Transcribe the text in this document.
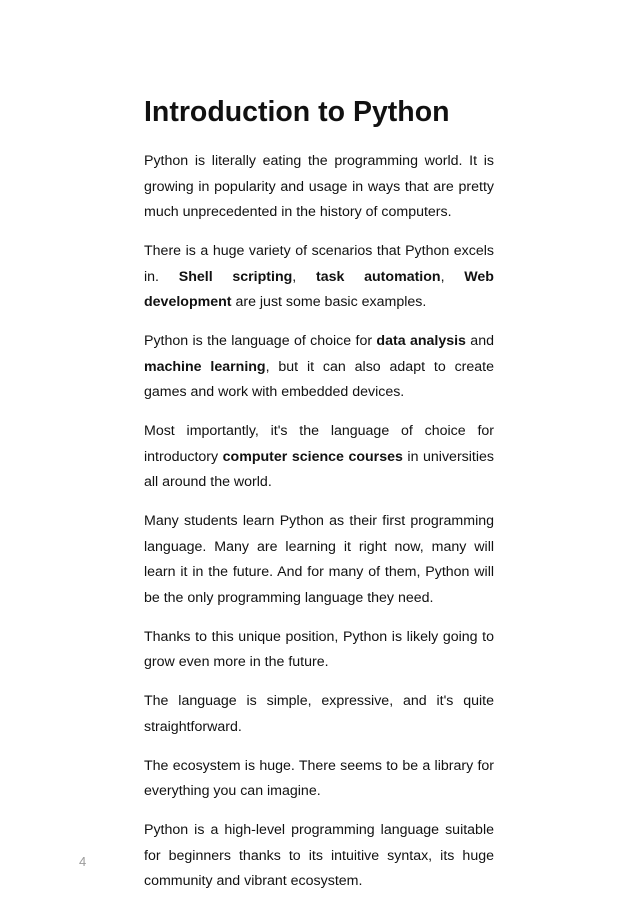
Introduction to Python

Python is literally eating the programming world. It is growing in popularity and usage in ways that are pretty much unprecedented in the history of computers.

There is a huge variety of scenarios that Python excels in. Shell scripting, task automation, Web development are just some basic examples.

Python is the language of choice for data analysis and machine learning, but it can also adapt to create games and work with embedded devices.

Most importantly, it's the language of choice for introductory computer science courses in universities all around the world.

Many students learn Python as their first programming language. Many are learning it right now, many will learn it in the future. And for many of them, Python will be the only programming language they need.

Thanks to this unique position, Python is likely going to grow even more in the future.

The language is simple, expressive, and it's quite straightforward.

The ecosystem is huge. There seems to be a library for everything you can imagine.

Python is a high-level programming language suitable for beginners thanks to its intuitive syntax, its huge community and vibrant ecosystem.

4
